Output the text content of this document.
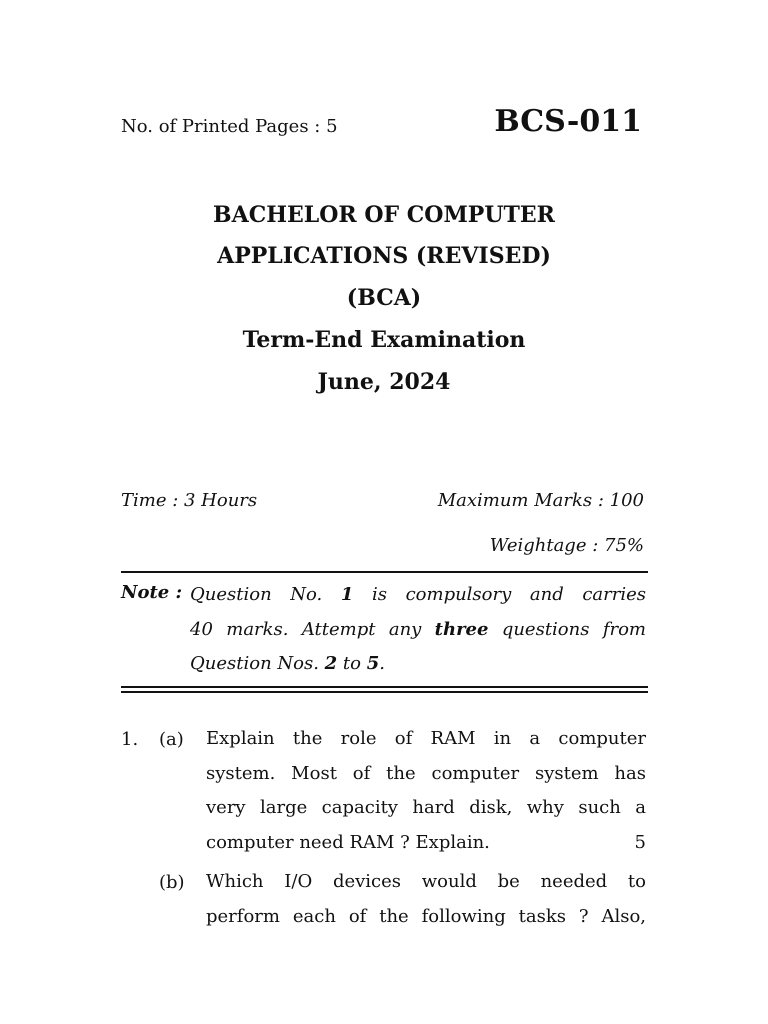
No. of Printed Pages : 5	BCS-011
BACHELOR OF COMPUTER
APPLICATIONS (REVISED)
(BCA)
Term-End Examination
June, 2024
Time : 3 Hours	Maximum Marks : 100
Weightage : 75%
Note : Question No. 1 is compulsory and carries
40 marks. Attempt any three questions from
Question Nos. 2 to 5.
1. (a) Explain the role of RAM in a computer
system. Most of the computer system has
very large capacity hard disk, why such a
computer need RAM ? Explain.	5
(b) Which I/O devices would be needed to
perform each of the following tasks ? Also,
